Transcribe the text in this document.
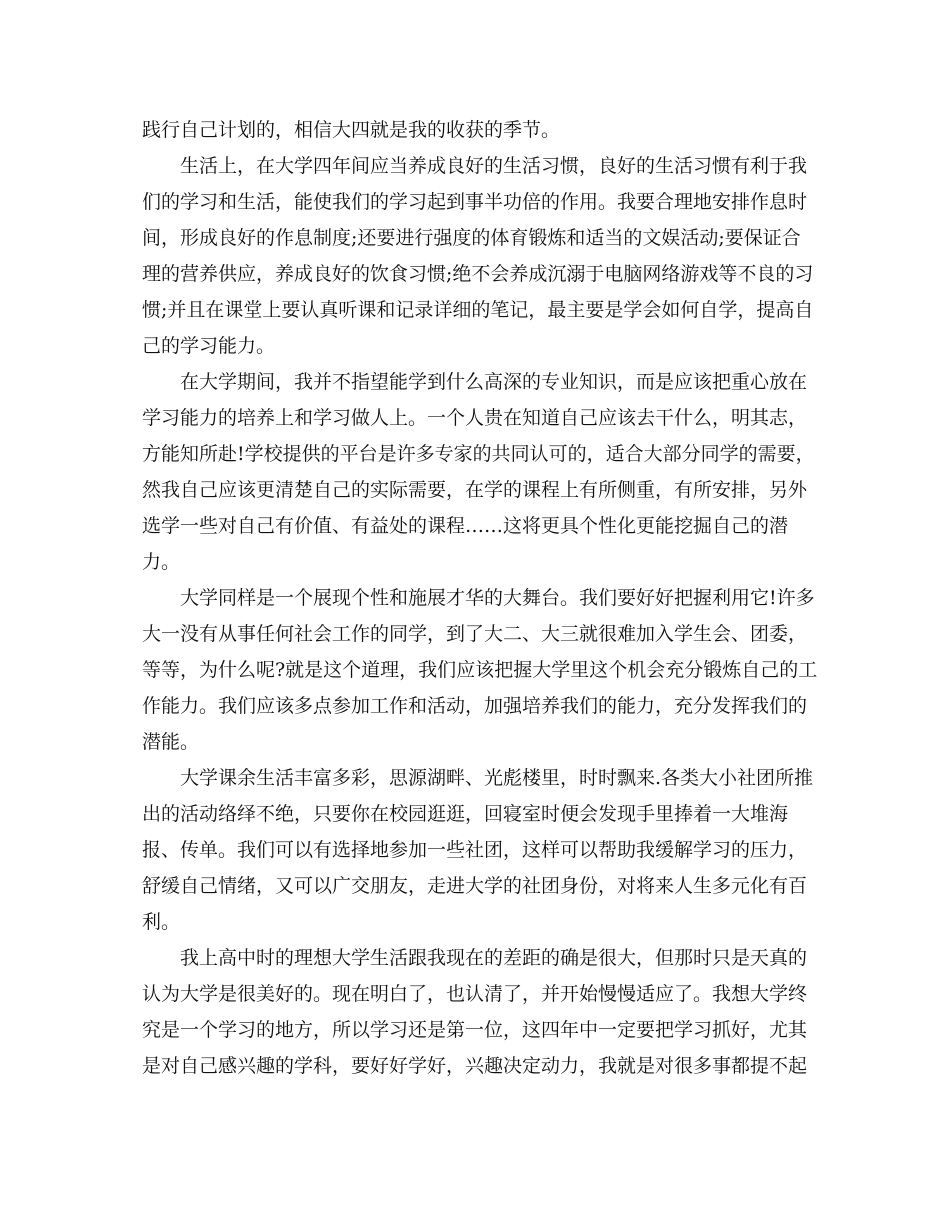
践行自己计划的，相信大四就是我的收获的季节。
生活上，在大学四年间应当养成良好的生活习惯，良好的生活习惯有利于我
们的学习和生活，能使我们的学习起到事半功倍的作用。我要合理地安排作息时
间，形成良好的作息制度;还要进行强度的体育锻炼和适当的文娱活动;要保证合
理的营养供应，养成良好的饮食习惯;绝不会养成沉溺于电脑网络游戏等不良的习
惯;并且在课堂上要认真听课和记录详细的笔记，最主要是学会如何自学，提高自
己的学习能力。
在大学期间，我并不指望能学到什么高深的专业知识，而是应该把重心放在
学习能力的培养上和学习做人上。一个人贵在知道自己应该去干什么，明其志，
方能知所赴!学校提供的平台是许多专家的共同认可的，适合大部分同学的需要，
然我自己应该更清楚自己的实际需要，在学的课程上有所侧重，有所安排，另外
选学一些对自己有价值、有益处的课程……这将更具个性化更能挖掘自己的潜
力。
大学同样是一个展现个性和施展才华的大舞台。我们要好好把握利用它!许多
大一没有从事任何社会工作的同学，到了大二、大三就很难加入学生会、团委，
等等，为什么呢?就是这个道理，我们应该把握大学里这个机会充分锻炼自己的工
作能力。我们应该多点参加工作和活动，加强培养我们的能力，充分发挥我们的
潜能。
大学课余生活丰富多彩，思源湖畔、光彪楼里，时时飘来.各类大小社团所推
出的活动络绎不绝，只要你在校园逛逛，回寝室时便会发现手里捧着一大堆海
报、传单。我们可以有选择地参加一些社团，这样可以帮助我缓解学习的压力，
舒缓自己情绪，又可以广交朋友，走进大学的社团身份，对将来人生多元化有百
利。
我上高中时的理想大学生活跟我现在的差距的确是很大，但那时只是天真的
认为大学是很美好的。现在明白了，也认清了，并开始慢慢适应了。我想大学终
究是一个学习的地方，所以学习还是第一位，这四年中一定要把学习抓好，尤其
是对自己感兴趣的学科，要好好学好，兴趣决定动力，我就是对很多事都提不起
